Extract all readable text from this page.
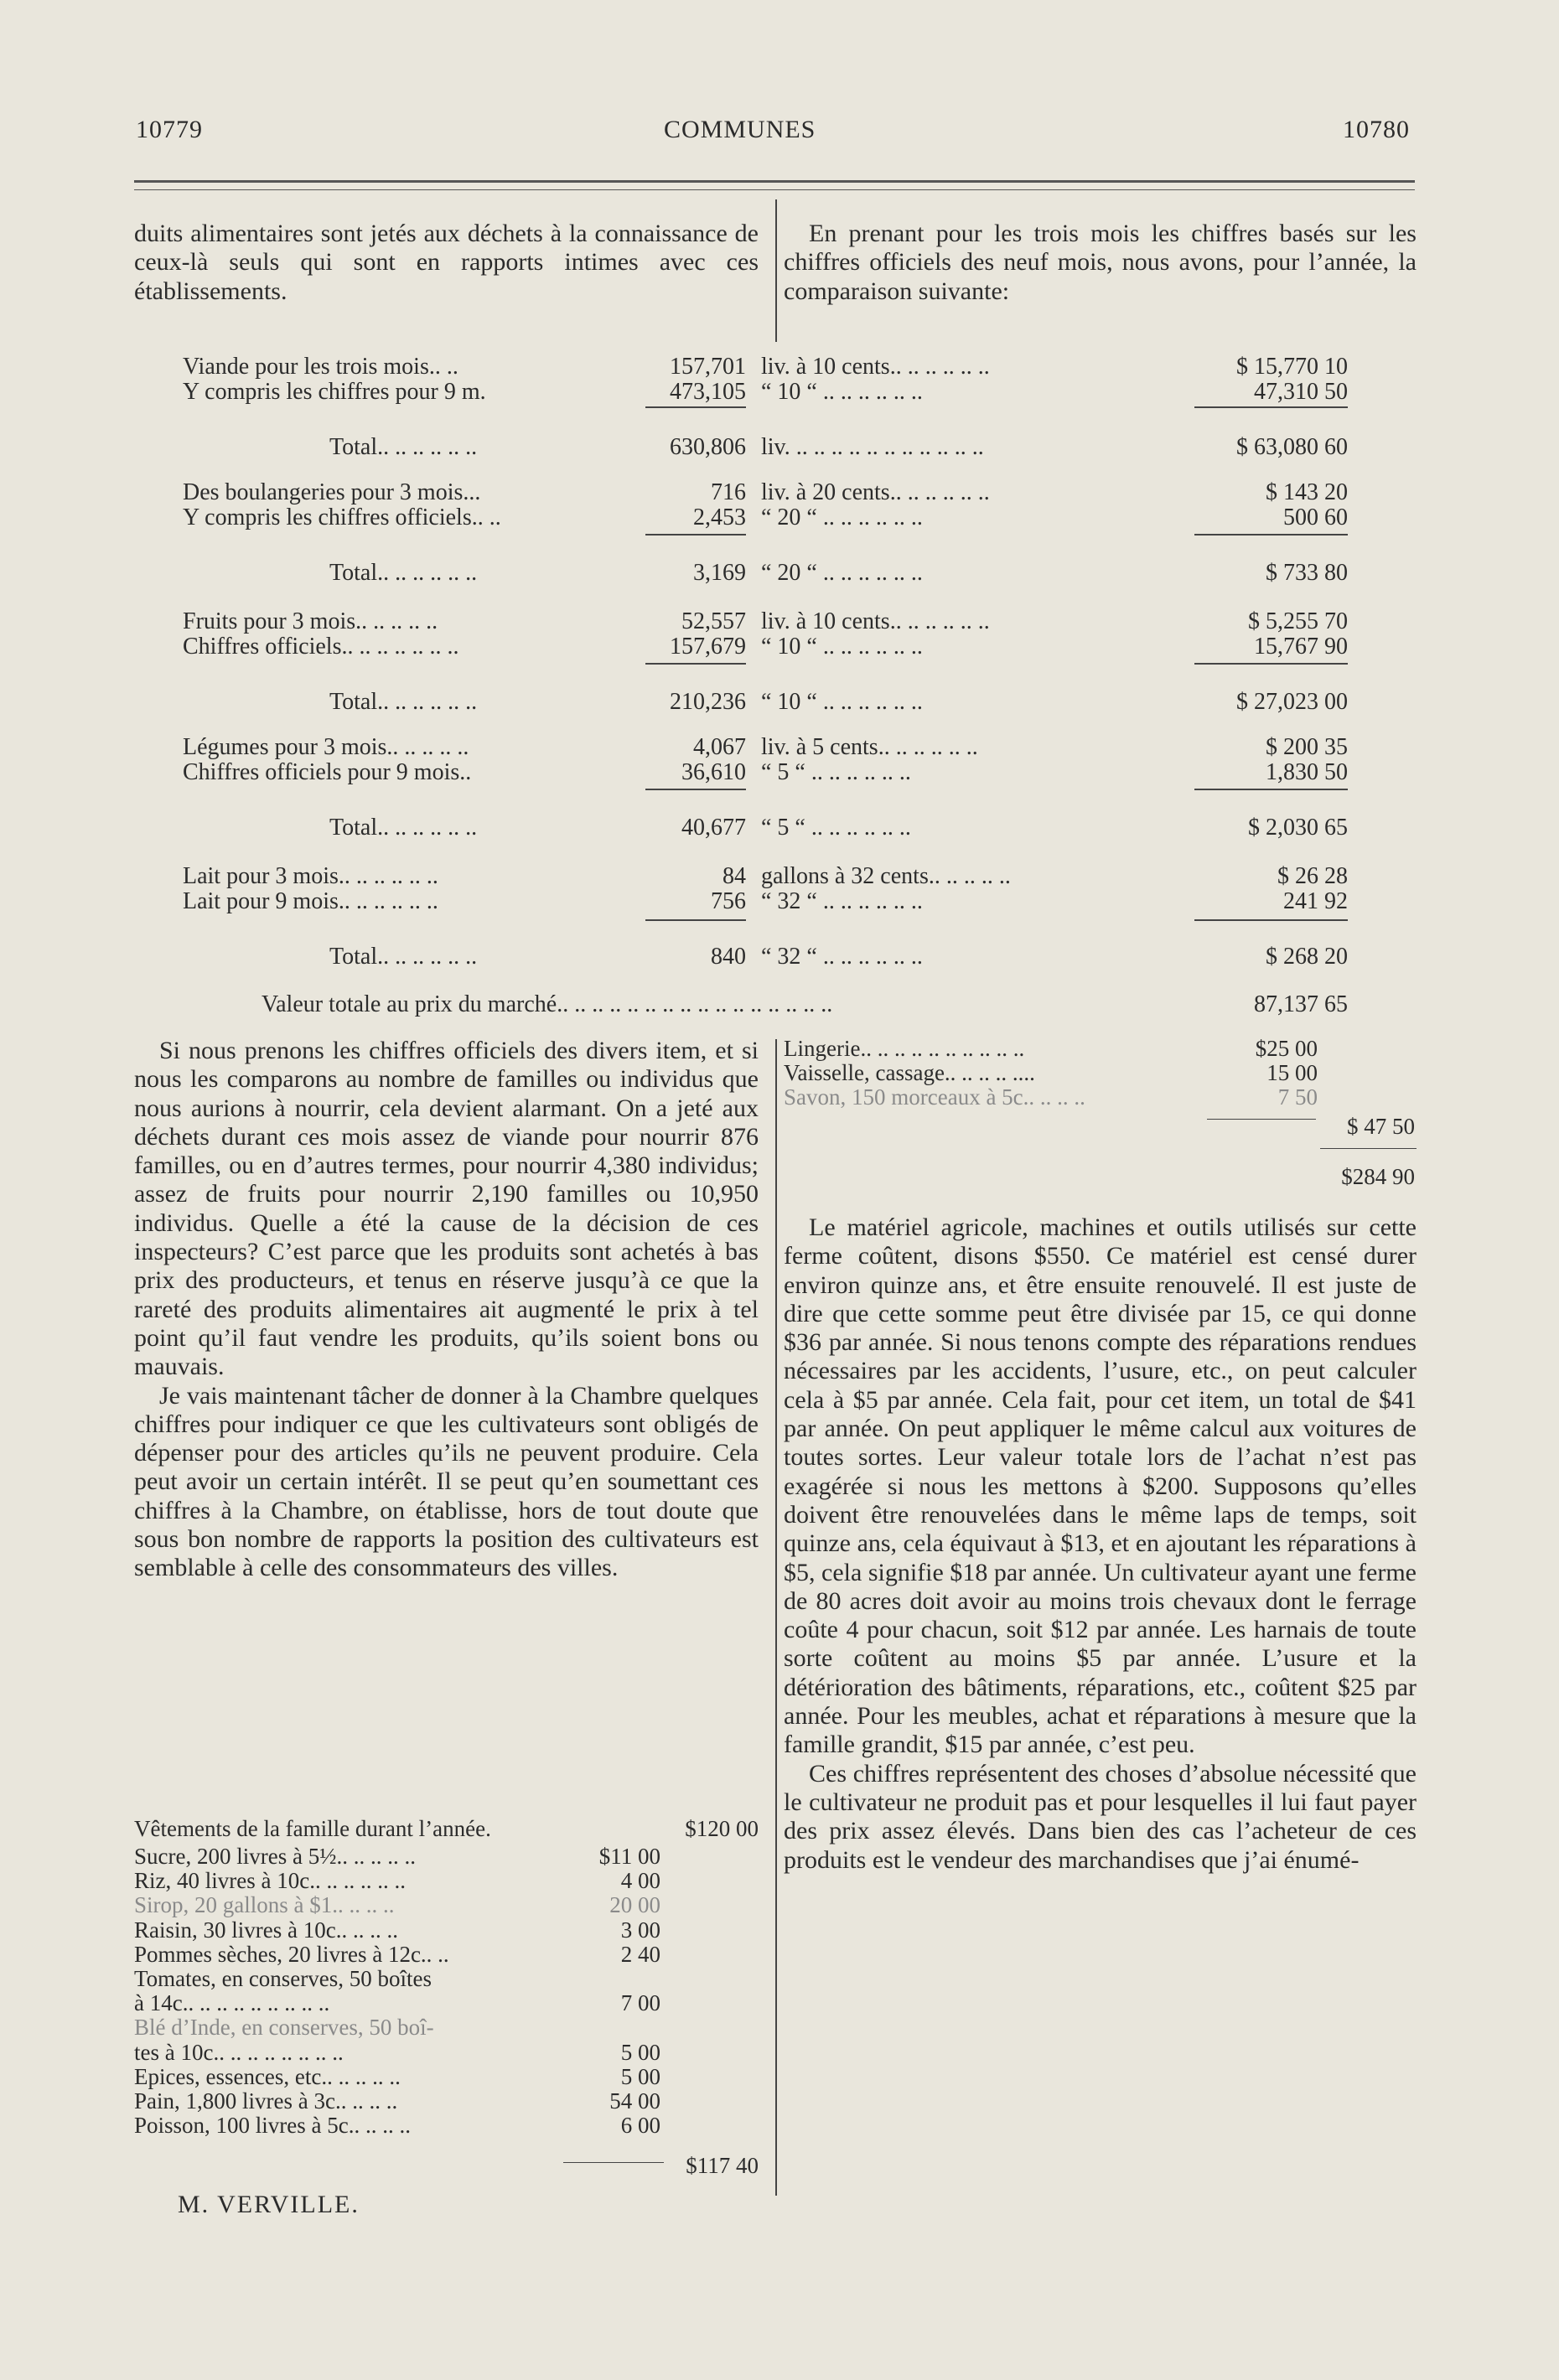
10779	COMMUNES	10780

duits alimentaires sont jetés aux déchets à la connaissance de ceux-là seuls qui sont en rapports intimes avec ces établissements.

En prenant pour les trois mois les chiffres basés sur les chiffres officiels des neuf mois, nous avons, pour l’année, la comparaison suivante:

Viande pour les trois mois.. ..	157,701 liv. à 10 cents.. .. .. .. .. ..	$ 15,770 10
Y compris les chiffres pour 9 m.	473,105 “ 10 “ .. .. .. .. .. ..	47,310 50
Total.. .. .. .. .. ..	630,806 liv. .. .. .. .. .. .. .. .. .. .. ..	$ 63,080 60
Des boulangeries pour 3 mois...	716 liv. à 20 cents.. .. .. .. .. ..	$ 143 20
Y compris les chiffres officiels.. ..	2,453 “ 20 “ .. .. .. .. .. ..	500 60
Total.. .. .. .. .. ..	3,169 “ 20 “ .. .. .. .. .. ..	$ 733 80
Fruits pour 3 mois.. .. .. .. ..	52,557 liv. à 10 cents.. .. .. .. .. ..	$ 5,255 70
Chiffres officiels.. .. .. .. .. .. ..	157,679 “ 10 “ .. .. .. .. .. ..	15,767 90
Total.. .. .. .. .. ..	210,236 “ 10 “ .. .. .. .. .. ..	$ 27,023 00
Légumes pour 3 mois.. .. .. .. ..	4,067 liv. à 5 cents.. .. .. .. .. ..	$ 200 35
Chiffres officiels pour 9 mois..	36,610 “ 5 “ .. .. .. .. .. ..	1,830 50
Total.. .. .. .. .. ..	40,677 “ 5 “ .. .. .. .. .. ..	$ 2,030 65
Lait pour 3 mois.. .. .. .. .. ..	84 gallons à 32 cents.. .. .. .. ..	$ 26 28
Lait pour 9 mois.. .. .. .. .. ..	756 “ 32 “ .. .. .. .. .. ..	241 92
Total.. .. .. .. .. ..	840 “ 32 “ .. .. .. .. .. ..	$ 268 20
Valeur totale au prix du marché.. .. .. .. .. .. .. .. .. .. .. .. .. .. .. ..	87,137 65

Si nous prenons les chiffres officiels des divers item, et si nous les comparons au nombre de familles ou individus que nous aurions à nourrir, cela devient alarmant. On a jeté aux déchets durant ces mois assez de viande pour nourrir 876 familles, ou en d’autres termes, pour nourrir 4,380 individus; assez de fruits pour nourrir 2,190 familles ou 10,950 individus. Quelle a été la cause de la décision de ces inspecteurs? C’est parce que les produits sont achetés à bas prix des producteurs, et tenus en réserve jusqu’à ce que la rareté des produits alimentaires ait augmenté le prix à tel point qu’il faut vendre les produits, qu’ils soient bons ou mauvais.

Je vais maintenant tâcher de donner à la Chambre quelques chiffres pour indiquer ce que les cultivateurs sont obligés de dépenser pour des articles qu’ils ne peuvent produire. Cela peut avoir un certain intérêt. Il se peut qu’en soumettant ces chiffres à la Chambre, on établisse, hors de tout doute que sous bon nombre de rapports la position des cultivateurs est semblable à celle des consommateurs des villes.

Vêtements de la famille durant l’année.	$120 00
Sucre, 200 livres à 5½.. .. .. .. ..	$11 00
Riz, 40 livres à 10c.. .. .. .. .. ..	4 00
Sirop, 20 gallons à $1.. .. .. ..	20 00
Raisin, 30 livres à 10c.. .. .. ..	3 00
Pommes sèches, 20 livres à 12c.. ..	2 40
Tomates, en conserves, 50 boîtes
à 14c.. .. .. .. .. .. .. .. ..	7 00
Blé d’Inde, en conserves, 50 boî-
tes à 10c.. .. .. .. .. .. .. ..	5 00
Epices, essences, etc.. .. .. .. ..	5 00
Pain, 1,800 livres à 3c.. .. .. ..	54 00
Poisson, 100 livres à 5c.. .. .. ..	6 00
$117 40
M. VERVILLE.
Lingerie.. .. .. .. .. .. .. .. .. ..	$25 00
Vaisselle, cassage.. .. .. .. ....	15 00
Savon, 150 morceaux à 5c.. .. .. ..	7 50
$ 47 50
$284 90

Le matériel agricole, machines et outils utilisés sur cette ferme coûtent, disons $550. Ce matériel est censé durer environ quinze ans, et être ensuite renouvelé. Il est juste de dire que cette somme peut être divisée par 15, ce qui donne $36 par année. Si nous tenons compte des réparations rendues nécessaires par les accidents, l’usure, etc., on peut calculer cela à $5 par année. Cela fait, pour cet item, un total de $41 par année. On peut appliquer le même calcul aux voitures de toutes sortes. Leur valeur totale lors de l’achat n’est pas exagérée si nous les mettons à $200. Supposons qu’elles doivent être renouvelées dans le même laps de temps, soit quinze ans, cela équivaut à $13, et en ajoutant les réparations à $5, cela signifie $18 par année. Un cultivateur ayant une ferme de 80 acres doit avoir au moins trois chevaux dont le ferrage coûte 4 pour chacun, soit $12 par année. Les harnais de toute sorte coûtent au moins $5 par année. L’usure et la détérioration des bâtiments, réparations, etc., coûtent $25 par année. Pour les meubles, achat et réparations à mesure que la famille grandit, $15 par année, c’est peu.

Ces chiffres représentent des choses d’absolue nécessité que le cultivateur ne produit pas et pour lesquelles il lui faut payer des prix assez élevés. Dans bien des cas l’acheteur de ces produits est le vendeur des marchandises que j’ai énumé-
